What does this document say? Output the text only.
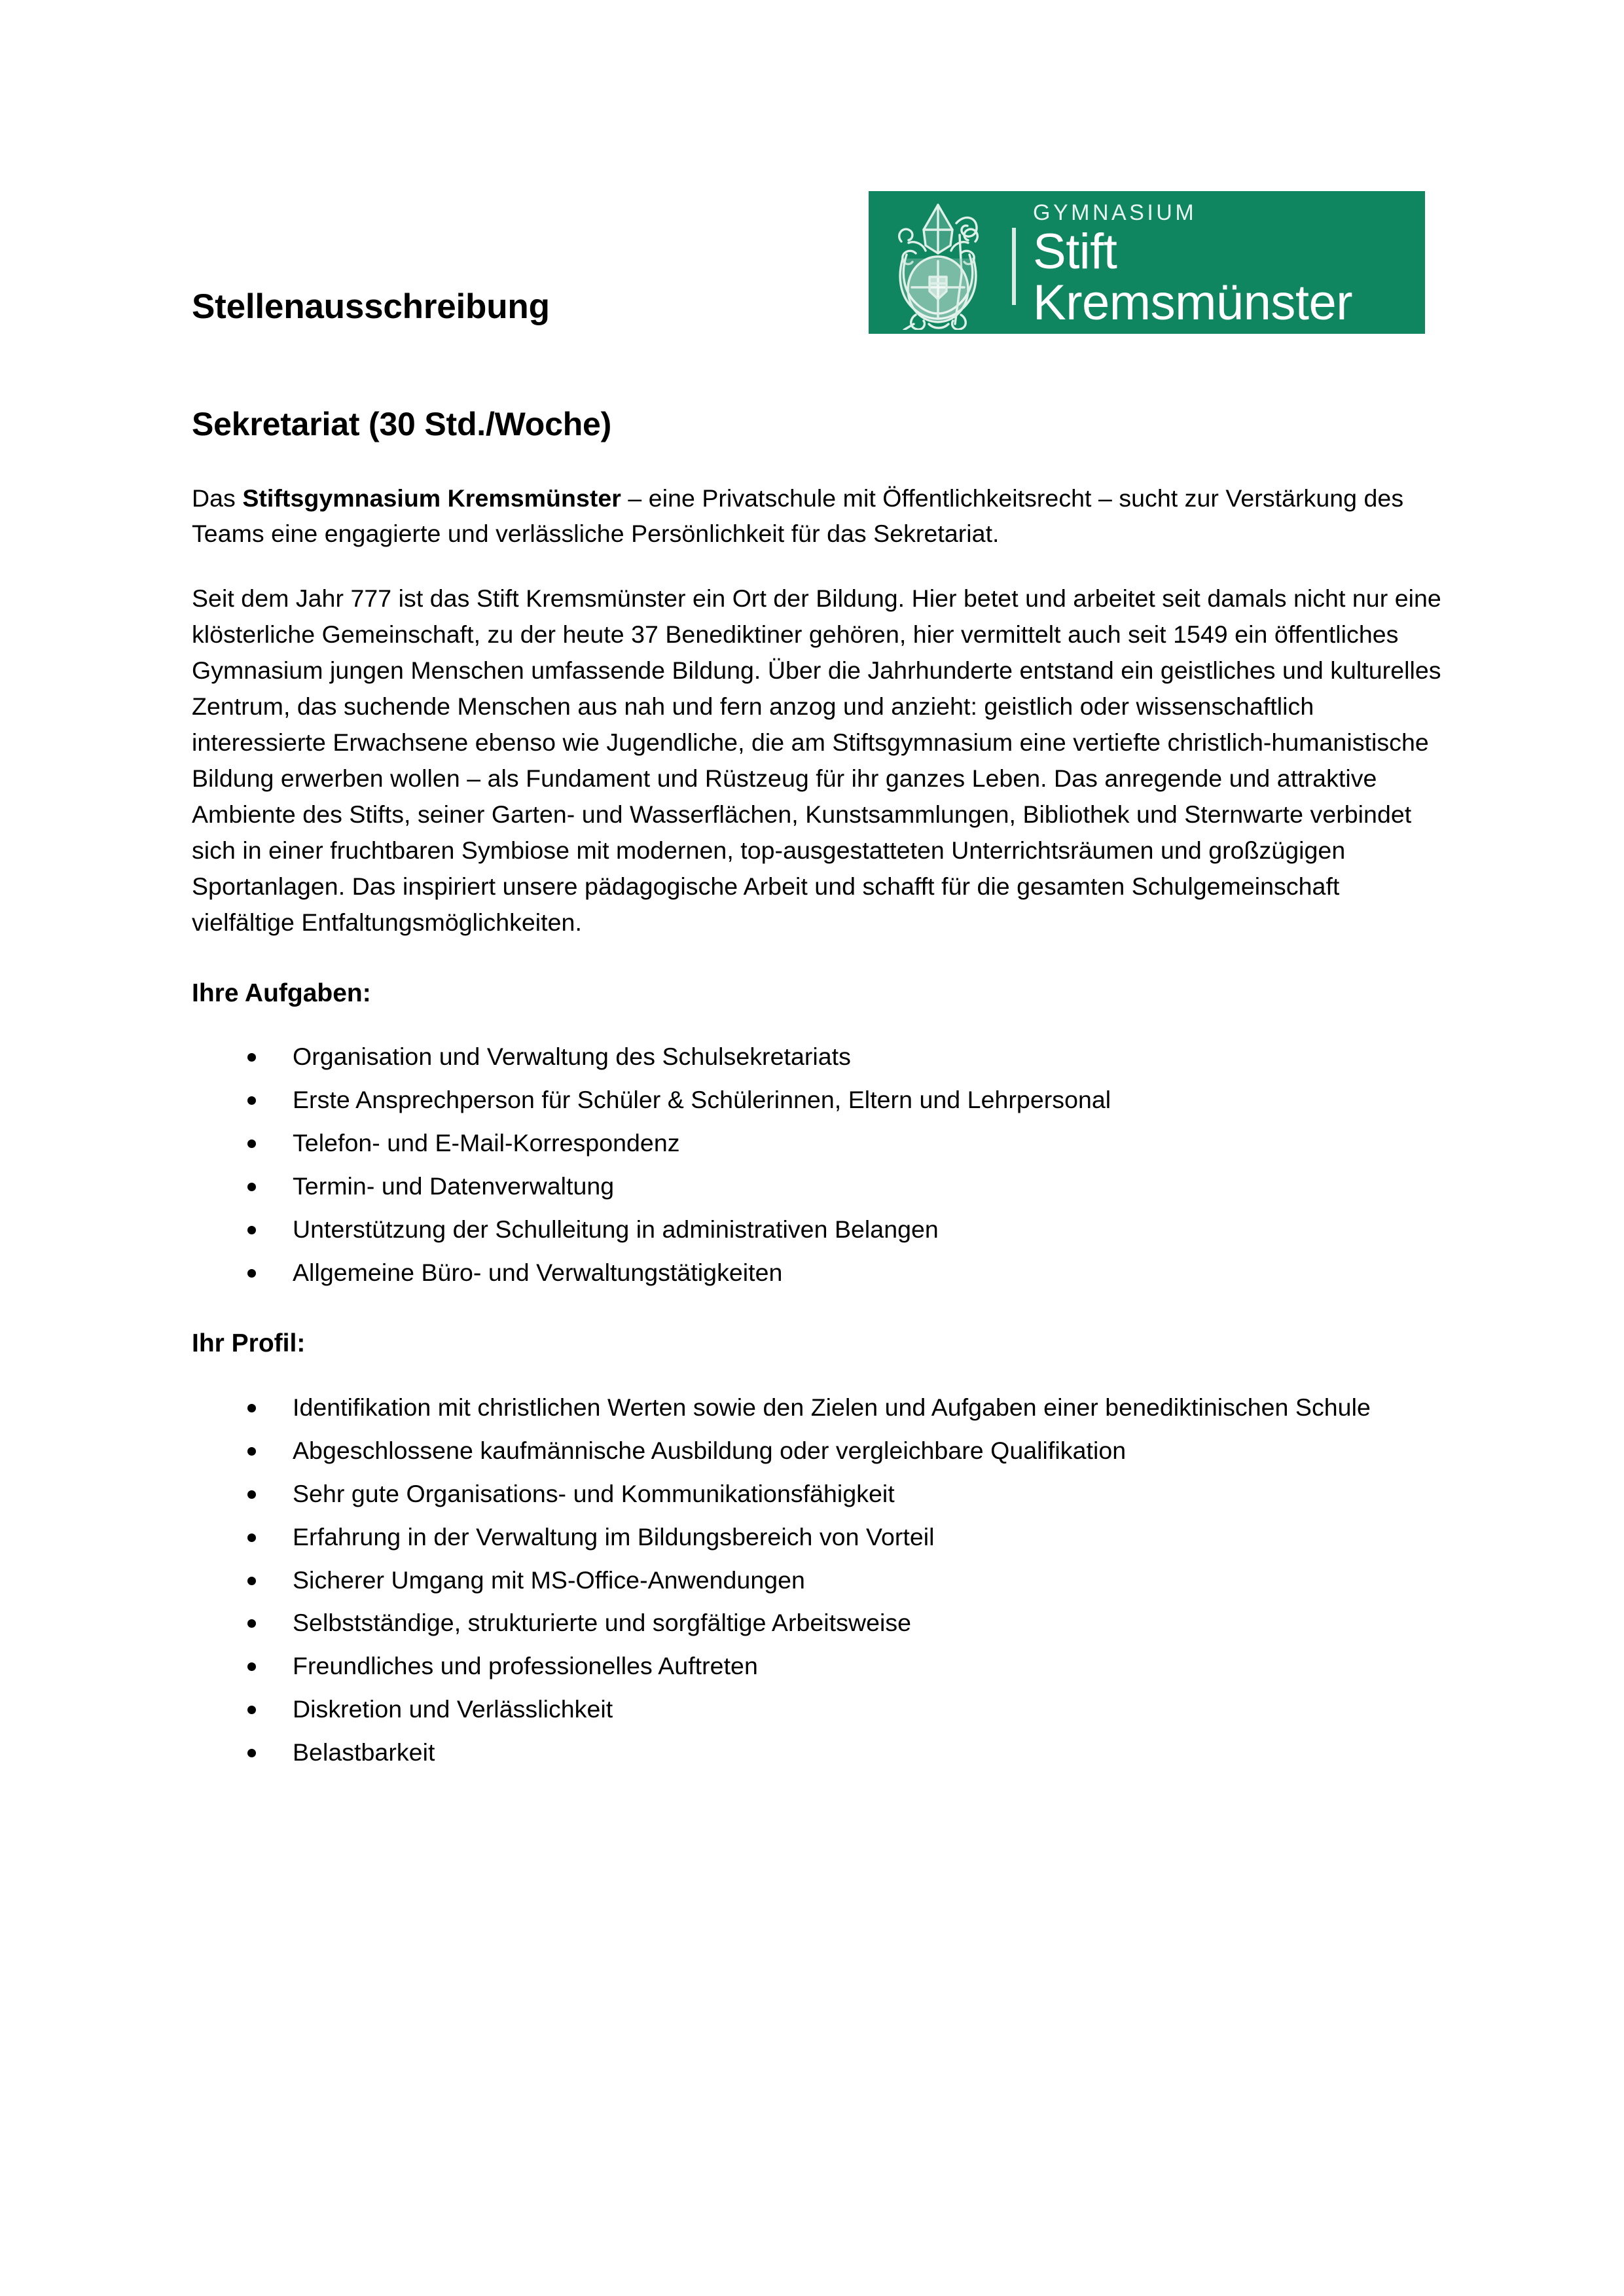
Stellenausschreibung
GYMNASIUM
Stift Kremsmünster
Sekretariat (30 Std./Woche)

Das Stiftsgymnasium Kremsmünster – eine Privatschule mit Öffentlichkeitsrecht – sucht zur Verstärkung des Teams eine engagierte und verlässliche Persönlichkeit für das Sekretariat.

Seit dem Jahr 777 ist das Stift Kremsmünster ein Ort der Bildung. Hier betet und arbeitet seit damals nicht nur eine klösterliche Gemeinschaft, zu der heute 37 Benediktiner gehören, hier vermittelt auch seit 1549 ein öffentliches Gymnasium jungen Menschen umfassende Bildung. Über die Jahrhunderte entstand ein geistliches und kulturelles Zentrum, das suchende Menschen aus nah und fern anzog und anzieht: geistlich oder wissenschaftlich interessierte Erwachsene ebenso wie Jugendliche, die am Stiftsgymnasium eine vertiefte christlich-humanistische Bildung erwerben wollen – als Fundament und Rüstzeug für ihr ganzes Leben. Das anregende und attraktive Ambiente des Stifts, seiner Garten- und Wasserflächen, Kunstsammlungen, Bibliothek und Sternwarte verbindet sich in einer fruchtbaren Symbiose mit modernen, top-ausgestatteten Unterrichtsräumen und großzügigen Sportanlagen. Das inspiriert unsere pädagogische Arbeit und schafft für die gesamten Schulgemeinschaft vielfältige Entfaltungsmöglichkeiten.

Ihre Aufgaben:
Organisation und Verwaltung des Schulsekretariats
Erste Ansprechperson für Schüler & Schülerinnen, Eltern und Lehrpersonal
Telefon- und E-Mail-Korrespondenz
Termin- und Datenverwaltung
Unterstützung der Schulleitung in administrativen Belangen
Allgemeine Büro- und Verwaltungstätigkeiten
Ihr Profil:
Identifikation mit christlichen Werten sowie den Zielen und Aufgaben einer benediktinischen Schule
Abgeschlossene kaufmännische Ausbildung oder vergleichbare Qualifikation
Sehr gute Organisations- und Kommunikationsfähigkeit
Erfahrung in der Verwaltung im Bildungsbereich von Vorteil
Sicherer Umgang mit MS-Office-Anwendungen
Selbstständige, strukturierte und sorgfältige Arbeitsweise
Freundliches und professionelles Auftreten
Diskretion und Verlässlichkeit
Belastbarkeit
